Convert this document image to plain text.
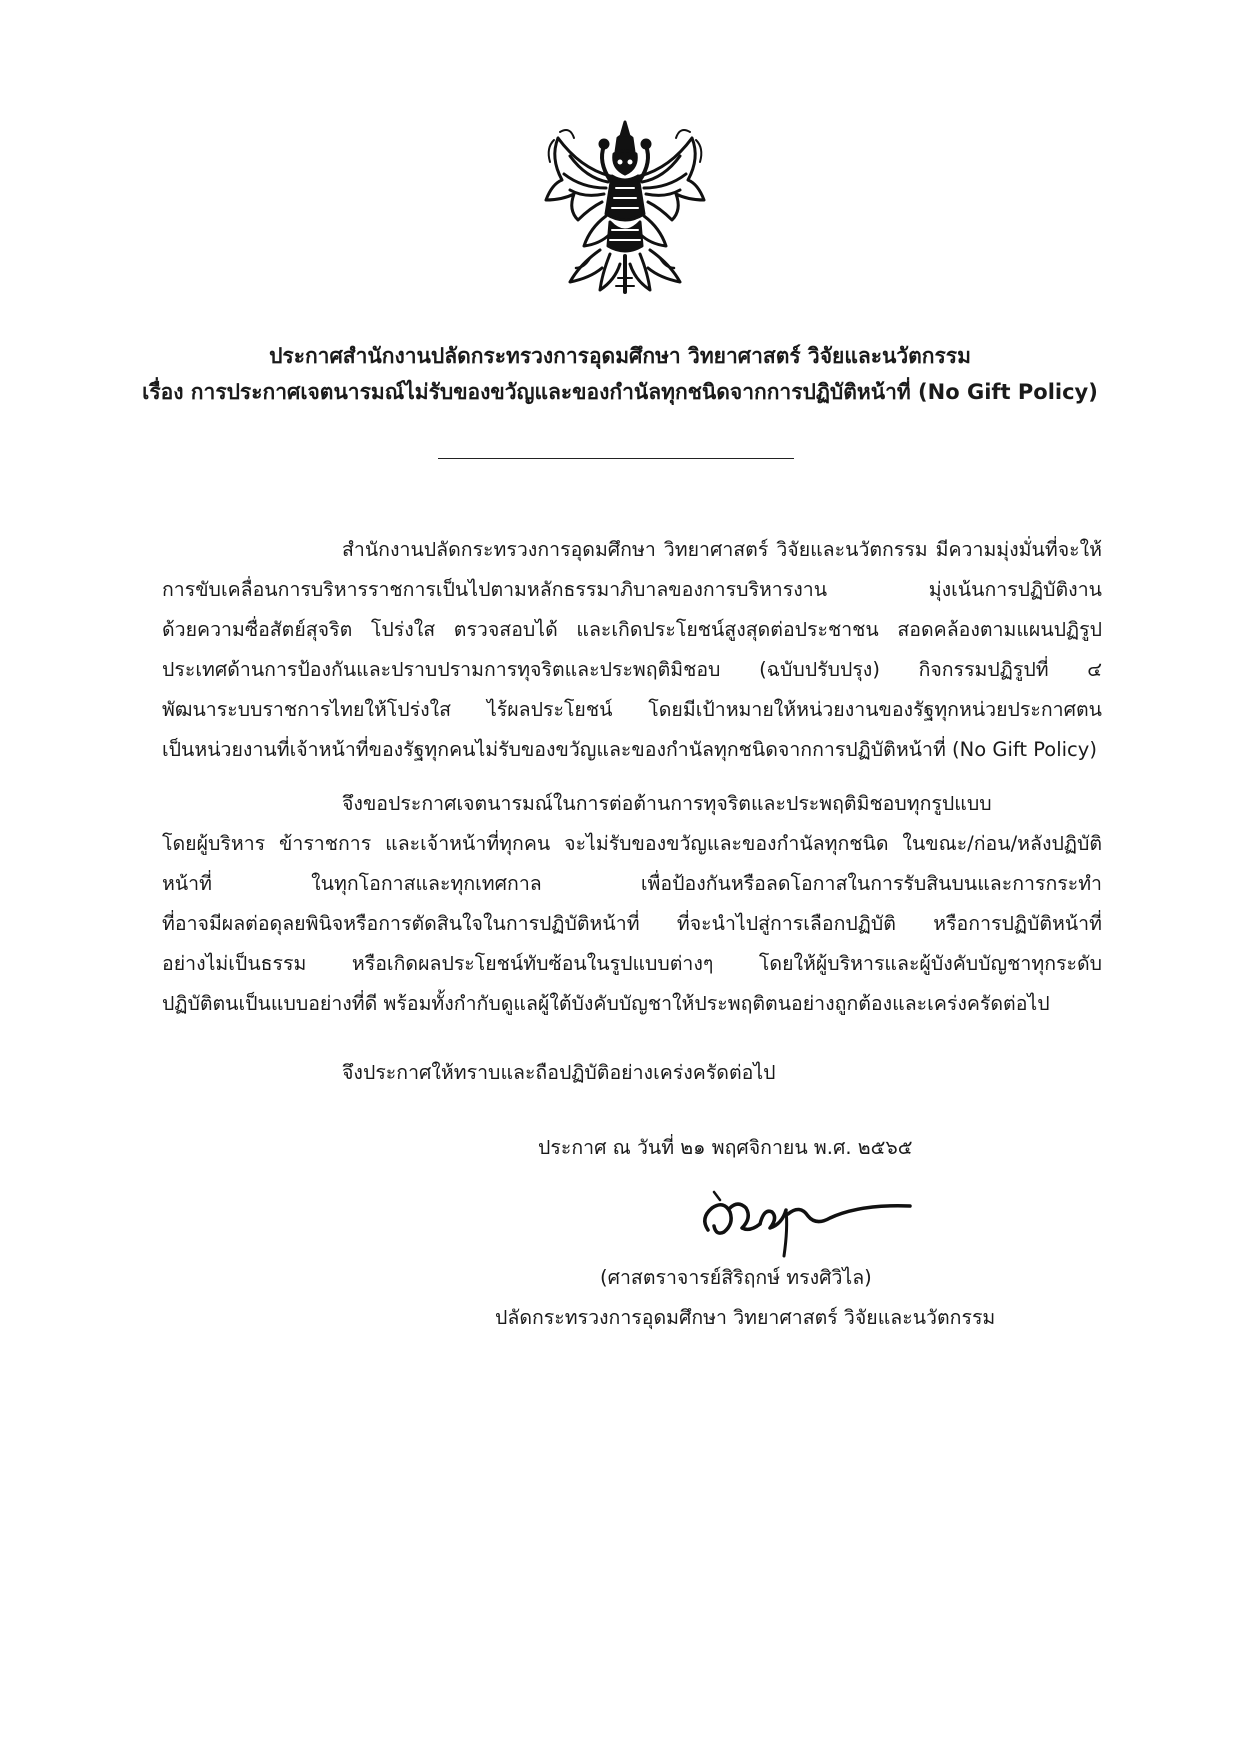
ประกาศสำนักงานปลัดกระทรวงการอุดมศึกษา วิทยาศาสตร์ วิจัยและนวัตกรรม
เรื่อง การประกาศเจตนารมณ์ไม่รับของขวัญและของกำนัลทุกชนิดจากการปฏิบัติหน้าที่ (No Gift Policy)
สำนักงานปลัดกระทรวงการอุดมศึกษา วิทยาศาสตร์ วิจัยและนวัตกรรม มีความมุ่งมั่นที่จะให้
การขับเคลื่อนการบริหารราชการเป็นไปตามหลักธรรมาภิบาลของการบริหารงาน มุ่งเน้นการปฏิบัติงาน
ด้วยความซื่อสัตย์สุจริต โปร่งใส ตรวจสอบได้ และเกิดประโยชน์สูงสุดต่อประชาชน สอดคล้องตามแผนปฏิรูป
ประเทศด้านการป้องกันและปราบปรามการทุจริตและประพฤติมิชอบ (ฉบับปรับปรุง) กิจกรรมปฏิรูปที่ ๔
พัฒนาระบบราชการไทยให้โปร่งใส ไร้ผลประโยชน์ โดยมีเป้าหมายให้หน่วยงานของรัฐทุกหน่วยประกาศตน
เป็นหน่วยงานที่เจ้าหน้าที่ของรัฐทุกคนไม่รับของขวัญและของกำนัลทุกชนิดจากการปฏิบัติหน้าที่ (No Gift Policy)
จึงขอประกาศเจตนารมณ์ในการต่อต้านการทุจริตและประพฤติมิชอบทุกรูปแบบ
โดยผู้บริหาร ข้าราชการ และเจ้าหน้าที่ทุกคน จะไม่รับของขวัญและของกำนัลทุกชนิด ในขณะ/ก่อน/หลังปฏิบัติ
หน้าที่ ในทุกโอกาสและทุกเทศกาล เพื่อป้องกันหรือลดโอกาสในการรับสินบนและการกระทำ
ที่อาจมีผลต่อดุลยพินิจหรือการตัดสินใจในการปฏิบัติหน้าที่ ที่จะนำไปสู่การเลือกปฏิบัติ หรือการปฏิบัติหน้าที่
อย่างไม่เป็นธรรม หรือเกิดผลประโยชน์ทับซ้อนในรูปแบบต่างๆ โดยให้ผู้บริหารและผู้บังคับบัญชาทุกระดับ
ปฏิบัติตนเป็นแบบอย่างที่ดี พร้อมทั้งกำกับดูแลผู้ใต้บังคับบัญชาให้ประพฤติตนอย่างถูกต้องและเคร่งครัดต่อไป
จึงประกาศให้ทราบและถือปฏิบัติอย่างเคร่งครัดต่อไป
ประกาศ ณ วันที่ ๒๑ พฤศจิกายน พ.ศ. ๒๕๖๕
(ศาสตราจารย์สิริฤกษ์ ทรงศิวิไล)
ปลัดกระทรวงการอุดมศึกษา วิทยาศาสตร์ วิจัยและนวัตกรรม
